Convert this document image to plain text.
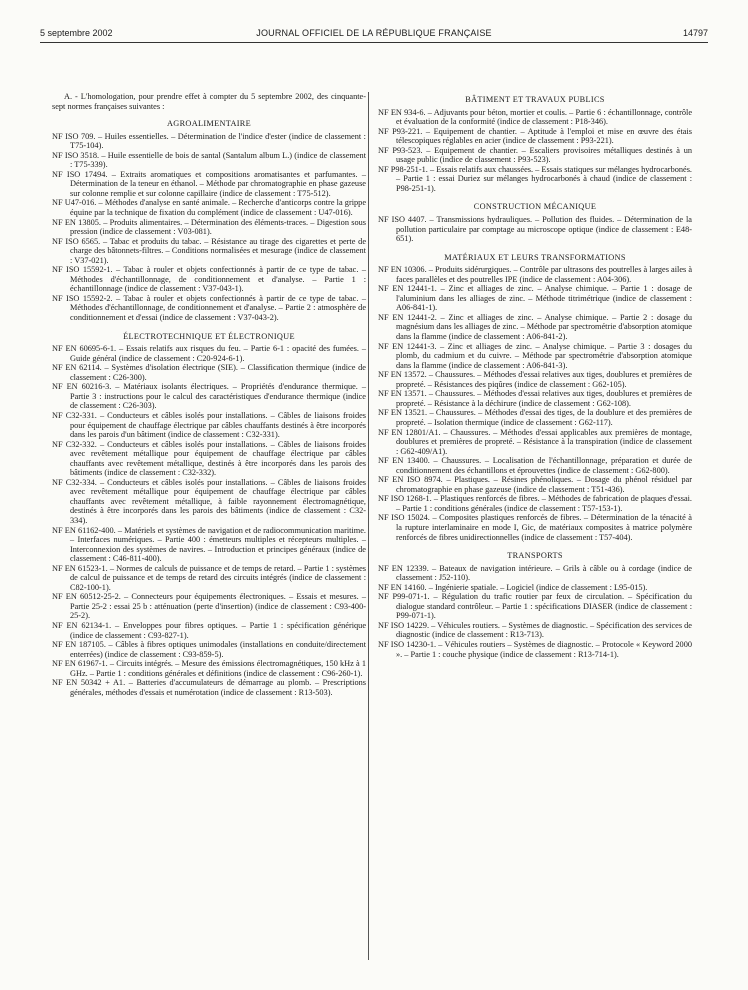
5 septembre 2002	JOURNAL OFFICIEL DE LA RÉPUBLIQUE FRANÇAISE	14797

A. - L'homologation, pour prendre effet à compter du 5 septembre 2002, des cinquante-sept normes françaises suivantes :

AGROALIMENTAIRE

NF ISO 709. – Huiles essentielles. – Détermination de l'indice d'ester (indice de classement : T75-104).

NF ISO 3518. – Huile essentielle de bois de santal (Santalum album L.) (indice de classement : T75-339).

NF ISO 17494. – Extraits aromatiques et compositions aromatisantes et parfumantes. – Détermination de la teneur en éthanol. – Méthode par chromatographie en phase gazeuse sur colonne remplie et sur colonne capillaire (indice de classement : T75-512).

NF U47-016. – Méthodes d'analyse en santé animale. – Recherche d'anticorps contre la grippe équine par la technique de fixation du complément (indice de classement : U47-016).

NF EN 13805. – Produits alimentaires. – Détermination des éléments-traces. – Digestion sous pression (indice de classement : V03-081).

NF ISO 6565. – Tabac et produits du tabac. – Résistance au tirage des cigarettes et perte de charge des bâtonnets-filtres. – Conditions normalisées et mesurage (indice de classement : V37-021).

NF ISO 15592-1. – Tabac à rouler et objets confectionnés à partir de ce type de tabac. – Méthodes d'échantillonnage, de conditionnement et d'analyse. – Partie 1 : échantillonnage (indice de classement : V37-043-1).

NF ISO 15592-2. – Tabac à rouler et objets confectionnés à partir de ce type de tabac. – Méthodes d'échantillonnage, de conditionnement et d'analyse. – Partie 2 : atmosphère de conditionnement et d'essai (indice de classement : V37-043-2).

ÉLECTROTECHNIQUE ET ÉLECTRONIQUE

NF EN 60695-6-1. – Essais relatifs aux risques du feu. – Partie 6-1 : opacité des fumées. – Guide général (indice de classement : C20-924-6-1).

NF EN 62114. – Systèmes d'isolation électrique (SIE). – Classification thermique (indice de classement : C26-300).

NF EN 60216-3. – Matériaux isolants électriques. – Propriétés d'endurance thermique. – Partie 3 : instructions pour le calcul des caractéristiques d'endurance thermique (indice de classement : C26-303).

NF C32-331. – Conducteurs et câbles isolés pour installations. – Câbles de liaisons froides pour équipement de chauffage électrique par câbles chauffants destinés à être incorporés dans les parois d'un bâtiment (indice de classement : C32-331).

NF C32-332. – Conducteurs et câbles isolés pour installations. – Câbles de liaisons froides avec revêtement métallique pour équipement de chauffage électrique par câbles chauffants avec revêtement métallique, destinés à être incorporés dans les parois des bâtiments (indice de classement : C32-332).

NF C32-334. – Conducteurs et câbles isolés pour installations. – Câbles de liaisons froides avec revêtement métallique pour équipement de chauffage électrique par câbles chauffants avec revêtement métallique, à faible rayonnement électromagnétique, destinés à être incorporés dans les parois des bâtiments (indice de classement : C32-334).

NF EN 61162-400. – Matériels et systèmes de navigation et de radiocommunication maritime. – Interfaces numériques. – Partie 400 : émetteurs multiples et récepteurs multiples. – Interconnexion des systèmes de navires. – Introduction et principes généraux (indice de classement : C46-811-400).

NF EN 61523-1. – Normes de calculs de puissance et de temps de retard. – Partie 1 : systèmes de calcul de puissance et de temps de retard des circuits intégrés (indice de classement : C82-100-1).

NF EN 60512-25-2. – Connecteurs pour équipements électroniques. – Essais et mesures. – Partie 25-2 : essai 25 b : atténuation (perte d'insertion) (indice de classement : C93-400-25-2).

NF EN 62134-1. – Enveloppes pour fibres optiques. – Partie 1 : spécification générique (indice de classement : C93-827-1).

NF EN 187105. – Câbles à fibres optiques unimodales (installations en conduite/directement enterrées) (indice de classement : C93-859-5).

NF EN 61967-1. – Circuits intégrés. – Mesure des émissions électromagnétiques, 150 kHz à 1 GHz. – Partie 1 : conditions générales et définitions (indice de classement : C96-260-1).

NF EN 50342 + A1. – Batteries d'accumulateurs de démarrage au plomb. – Prescriptions générales, méthodes d'essais et numérotation (indice de classement : R13-503).

BÂTIMENT ET TRAVAUX PUBLICS

NF EN 934-6. – Adjuvants pour béton, mortier et coulis. – Partie 6 : échantillonnage, contrôle et évaluation de la conformité (indice de classement : P18-346).

NF P93-221. – Equipement de chantier. – Aptitude à l'emploi et mise en œuvre des étais télescopiques réglables en acier (indice de classement : P93-221).

NF P93-523. – Equipement de chantier. – Escaliers provisoires métalliques destinés à un usage public (indice de classement : P93-523).

NF P98-251-1. – Essais relatifs aux chaussées. – Essais statiques sur mélanges hydrocarbonés. – Partie 1 : essai Duriez sur mélanges hydrocarbonés à chaud (indice de classement : P98-251-1).

CONSTRUCTION MÉCANIQUE

NF ISO 4407. – Transmissions hydrauliques. – Pollution des fluides. – Détermination de la pollution particulaire par comptage au microscope optique (indice de classement : E48-651).

MATÉRIAUX ET LEURS TRANSFORMATIONS

NF EN 10306. – Produits sidérurgiques. – Contrôle par ultrasons des poutrelles à larges ailes à faces parallèles et des poutrelles IPE (indice de classement : A04-306).

NF EN 12441-1. – Zinc et alliages de zinc. – Analyse chimique. – Partie 1 : dosage de l'aluminium dans les alliages de zinc. – Méthode titrimétrique (indice de classement : A06-841-1).

NF EN 12441-2. – Zinc et alliages de zinc. – Analyse chimique. – Partie 2 : dosage du magnésium dans les alliages de zinc. – Méthode par spectrométrie d'absorption atomique dans la flamme (indice de classement : A06-841-2).

NF EN 12441-3. – Zinc et alliages de zinc. – Analyse chimique. – Partie 3 : dosages du plomb, du cadmium et du cuivre. – Méthode par spectrométrie d'absorption atomique dans la flamme (indice de classement : A06-841-3).

NF EN 13572. – Chaussures. – Méthodes d'essai relatives aux tiges, doublures et premières de propreté. – Résistances des piqûres (indice de classement : G62-105).

NF EN 13571. – Chaussures. – Méthodes d'essai relatives aux tiges, doublures et premières de propreté. – Résistance à la déchirure (indice de classement : G62-108).

NF EN 13521. – Chaussures. – Méthodes d'essai des tiges, de la doublure et des premières de propreté. – Isolation thermique (indice de classement : G62-117).

NF EN 12801/A1. – Chaussures. – Méthodes d'essai applicables aux premières de montage, doublures et premières de propreté. – Résistance à la transpiration (indice de classement : G62-409/A1).

NF EN 13400. – Chaussures. – Localisation de l'échantillonnage, préparation et durée de conditionnement des échantillons et éprouvettes (indice de classement : G62-800).

NF EN ISO 8974. – Plastiques. – Résines phénoliques. – Dosage du phénol résiduel par chromatographie en phase gazeuse (indice de classement : T51-436).

NF ISO 1268-1. – Plastiques renforcés de fibres. – Méthodes de fabrication de plaques d'essai. – Partie 1 : conditions générales (indice de classement : T57-153-1).

NF ISO 15024. – Composites plastiques renforcés de fibres. – Détermination de la ténacité à la rupture interlaminaire en mode I, Gic, de matériaux composites à matrice polymère renforcés de fibres unidirectionnelles (indice de classement : T57-404).

TRANSPORTS

NF EN 12339. – Bateaux de navigation intérieure. – Grils à câble ou à cordage (indice de classement : J52-110).

NF EN 14160. – Ingénierie spatiale. – Logiciel (indice de classement : L95-015).

NF P99-071-1. – Régulation du trafic routier par feux de circulation. – Spécification du dialogue standard contrôleur. – Partie 1 : spécifications DIASER (indice de classement : P99-071-1).

NF ISO 14229. – Véhicules routiers. – Systèmes de diagnostic. – Spécification des services de diagnostic (indice de classement : R13-713).

NF ISO 14230-1. – Véhicules routiers – Systèmes de diagnostic. – Protocole « Keyword 2000 ». – Partie 1 : couche physique (indice de classement : R13-714-1).
